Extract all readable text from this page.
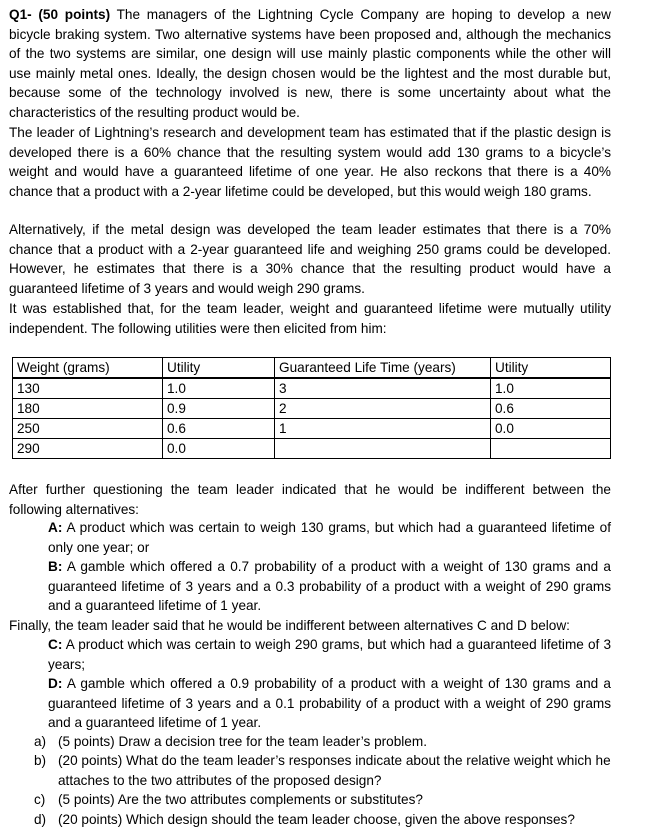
Q1- (50 points) The managers of the Lightning Cycle Company are hoping to develop a new bicycle braking system. Two alternative systems have been proposed and, although the mechanics of the two systems are similar, one design will use mainly plastic components while the other will use mainly metal ones. Ideally, the design chosen would be the lightest and the most durable but, because some of the technology involved is new, there is some uncertainty about what the characteristics of the resulting product would be.

The leader of Lightning’s research and development team has estimated that if the plastic design is developed there is a 60% chance that the resulting system would add 130 grams to a bicycle’s weight and would have a guaranteed lifetime of one year. He also reckons that there is a 40% chance that a product with a 2-year lifetime could be developed, but this would weigh 180 grams.

Alternatively, if the metal design was developed the team leader estimates that there is a 70% chance that a product with a 2-year guaranteed life and weighing 250 grams could be developed. However, he estimates that there is a 30% chance that the resulting product would have a guaranteed lifetime of 3 years and would weigh 290 grams.

It was established that, for the team leader, weight and guaranteed lifetime were mutually utility independent. The following utilities were then elicited from him:

Weight (grams)	Utility	Guaranteed Life Time (years)	Utility
130	1.0	3	1.0
180	0.9	2	0.6
250	0.6	1	0.0
290	0.0		

After further questioning the team leader indicated that he would be indifferent between the following alternatives:

A: A product which was certain to weigh 130 grams, but which had a guaranteed lifetime of only one year; or

B: A gamble which offered a 0.7 probability of a product with a weight of 130 grams and a guaranteed lifetime of 3 years and a 0.3 probability of a product with a weight of 290 grams and a guaranteed lifetime of 1 year.

Finally, the team leader said that he would be indifferent between alternatives C and D below:

C: A product which was certain to weigh 290 grams, but which had a guaranteed lifetime of 3 years;

D: A gamble which offered a 0.9 probability of a product with a weight of 130 grams and a guaranteed lifetime of 3 years and a 0.1 probability of a product with a weight of 290 grams and a guaranteed lifetime of 1 year.

a) (5 points) Draw a decision tree for the team leader’s problem.
b) (20 points) What do the team leader’s responses indicate about the relative weight which he attaches to the two attributes of the proposed design?
c) (5 points) Are the two attributes complements or substitutes?
d) (20 points) Which design should the team leader choose, given the above responses?
